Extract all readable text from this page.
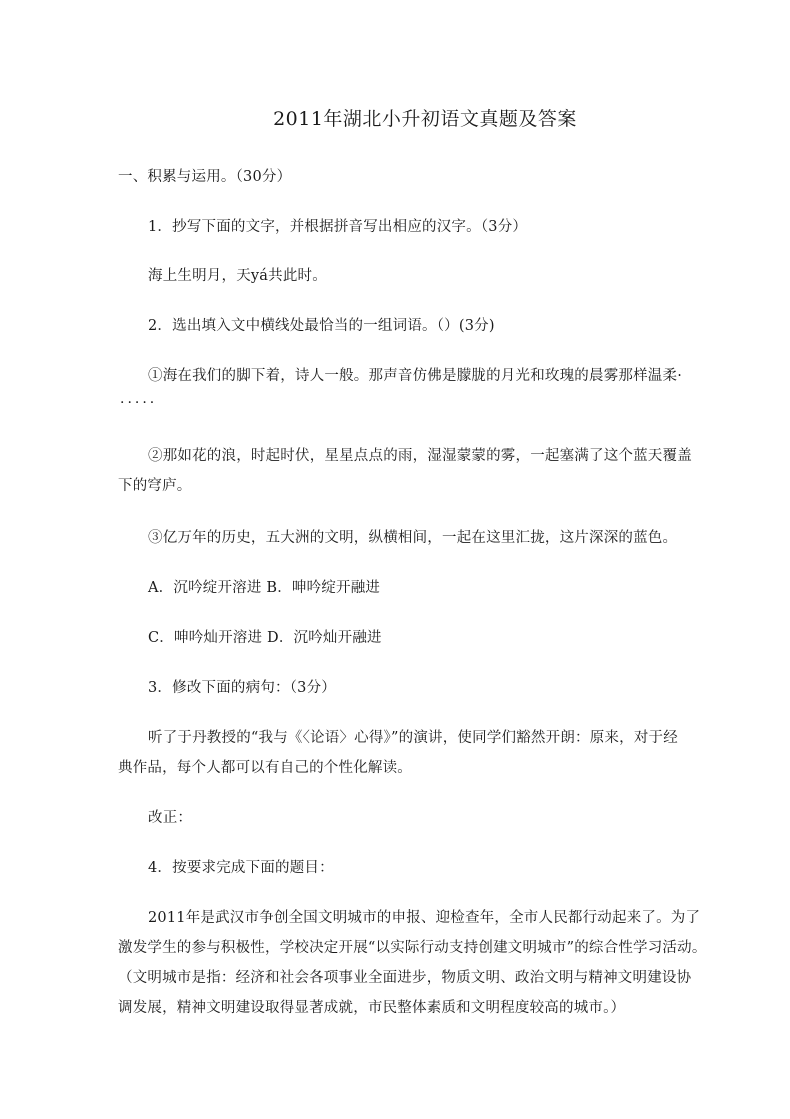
2011年湖北小升初语文真题及答案
一、积累与运用。（30分）
1．抄写下面的文字，并根据拼音写出相应的汉字。（3分）
海上生明月，天yá共此时。
2．选出填入文中横线处最恰当的一组词语。（）(3分)
①海在我们的脚下着，诗人一般。那声音仿佛是朦胧的月光和玫瑰的晨雾那样温柔·
·····
②那如花的浪，时起时伏，星星点点的雨，湿湿蒙蒙的雾，一起塞满了这个蓝天覆盖
下的穹庐。
③亿万年的历史，五大洲的文明，纵横相间，一起在这里汇拢，这片深深的蓝色。
A．沉吟绽开溶进 B．呻吟绽开融进
C．呻吟灿开溶进 D．沉吟灿开融进
3．修改下面的病句：（3分）
听了于丹教授的“我与《〈论语〉心得》”的演讲，使同学们豁然开朗：原来，对于经
典作品，每个人都可以有自己的个性化解读。
改正：
4．按要求完成下面的题目：
2011年是武汉市争创全国文明城市的申报、迎检查年，全市人民都行动起来了。为了
激发学生的参与积极性，学校决定开展“以实际行动支持创建文明城市”的综合性学习活动。
（文明城市是指：经济和社会各项事业全面进步，物质文明、政治文明与精神文明建设协
调发展，精神文明建设取得显著成就，市民整体素质和文明程度较高的城市。）
